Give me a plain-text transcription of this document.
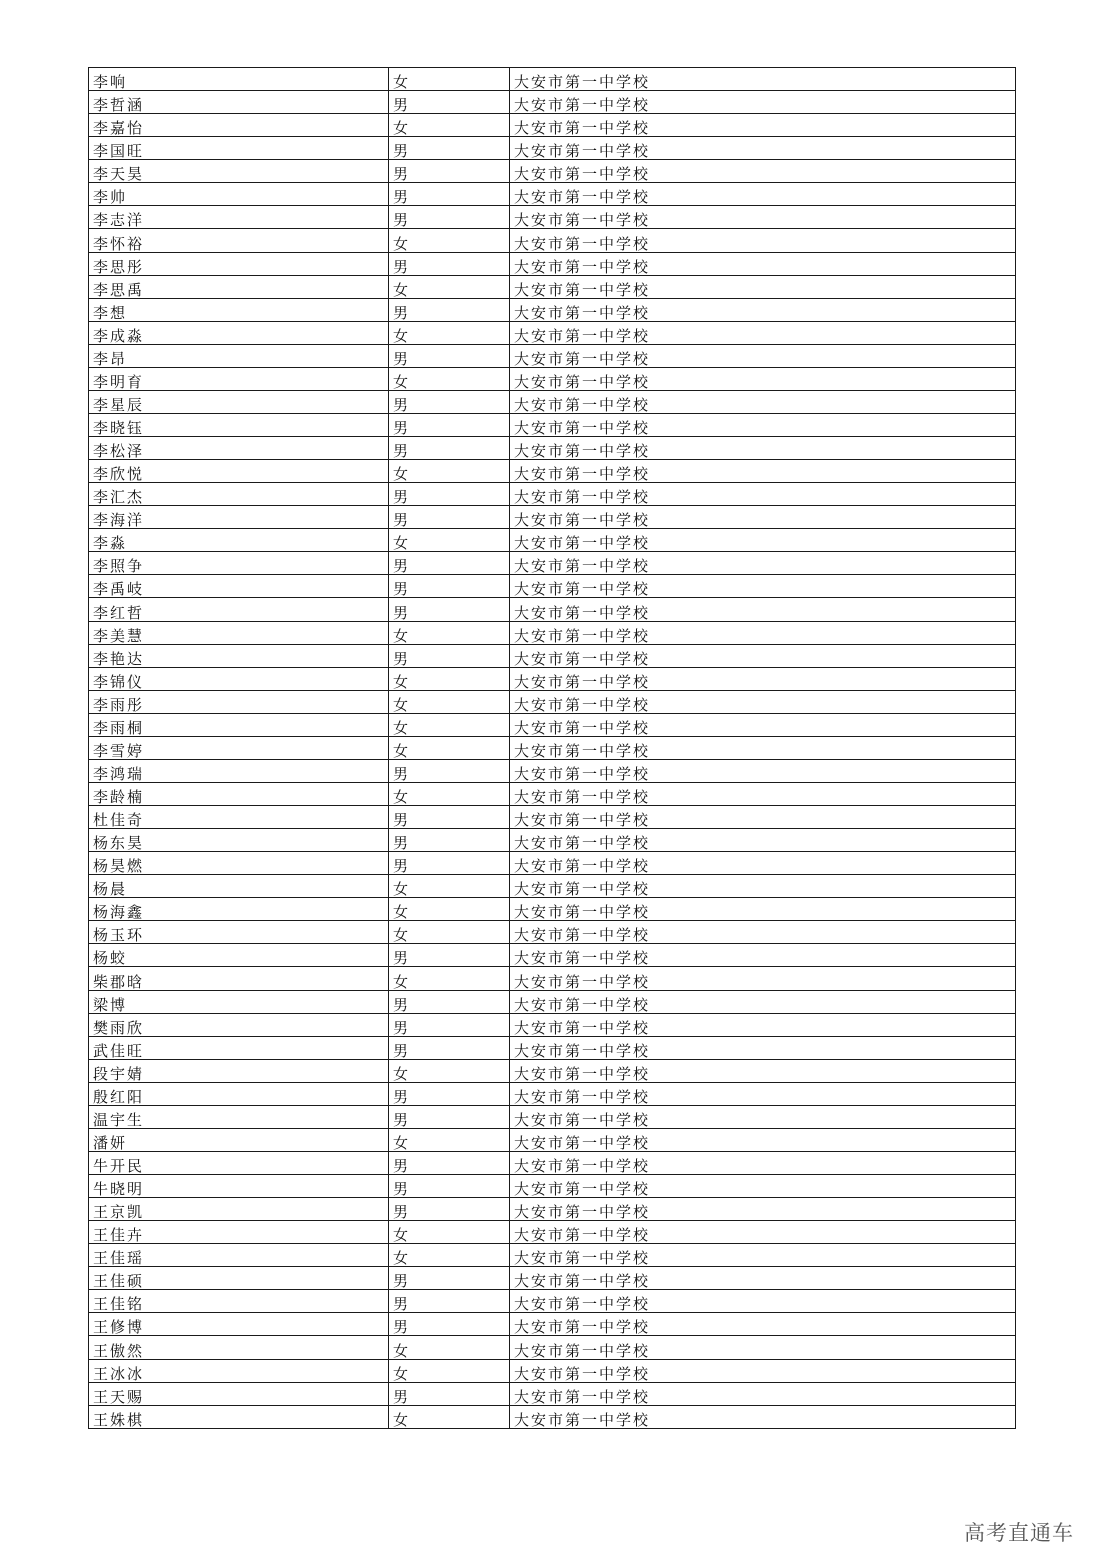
李响	女	大安市第一中学校
李哲涵	男	大安市第一中学校
李嘉怡	女	大安市第一中学校
李国旺	男	大安市第一中学校
李天昊	男	大安市第一中学校
李帅	男	大安市第一中学校
李志洋	男	大安市第一中学校
李怀裕	女	大安市第一中学校
李思彤	男	大安市第一中学校
李思禹	女	大安市第一中学校
李想	男	大安市第一中学校
李成淼	女	大安市第一中学校
李昂	男	大安市第一中学校
李明育	女	大安市第一中学校
李星辰	男	大安市第一中学校
李晓钰	男	大安市第一中学校
李松泽	男	大安市第一中学校
李欣悦	女	大安市第一中学校
李汇杰	男	大安市第一中学校
李海洋	男	大安市第一中学校
李淼	女	大安市第一中学校
李照争	男	大安市第一中学校
李禹岐	男	大安市第一中学校
李红哲	男	大安市第一中学校
李美慧	女	大安市第一中学校
李艳达	男	大安市第一中学校
李锦仪	女	大安市第一中学校
李雨彤	女	大安市第一中学校
李雨桐	女	大安市第一中学校
李雪婷	女	大安市第一中学校
李鸿瑞	男	大安市第一中学校
李龄楠	女	大安市第一中学校
杜佳奇	男	大安市第一中学校
杨东昊	男	大安市第一中学校
杨昊燃	男	大安市第一中学校
杨晨	女	大安市第一中学校
杨海鑫	女	大安市第一中学校
杨玉环	女	大安市第一中学校
杨蛟	男	大安市第一中学校
柴郡晗	女	大安市第一中学校
梁博	男	大安市第一中学校
樊雨欣	男	大安市第一中学校
武佳旺	男	大安市第一中学校
段宇婧	女	大安市第一中学校
殷红阳	男	大安市第一中学校
温宇生	男	大安市第一中学校
潘妍	女	大安市第一中学校
牛开民	男	大安市第一中学校
牛晓明	男	大安市第一中学校
王京凯	男	大安市第一中学校
王佳卉	女	大安市第一中学校
王佳瑶	女	大安市第一中学校
王佳硕	男	大安市第一中学校
王佳铭	男	大安市第一中学校
王修博	男	大安市第一中学校
王傲然	女	大安市第一中学校
王冰冰	女	大安市第一中学校
王天赐	男	大安市第一中学校
王姝棋	女	大安市第一中学校
高考直通车
